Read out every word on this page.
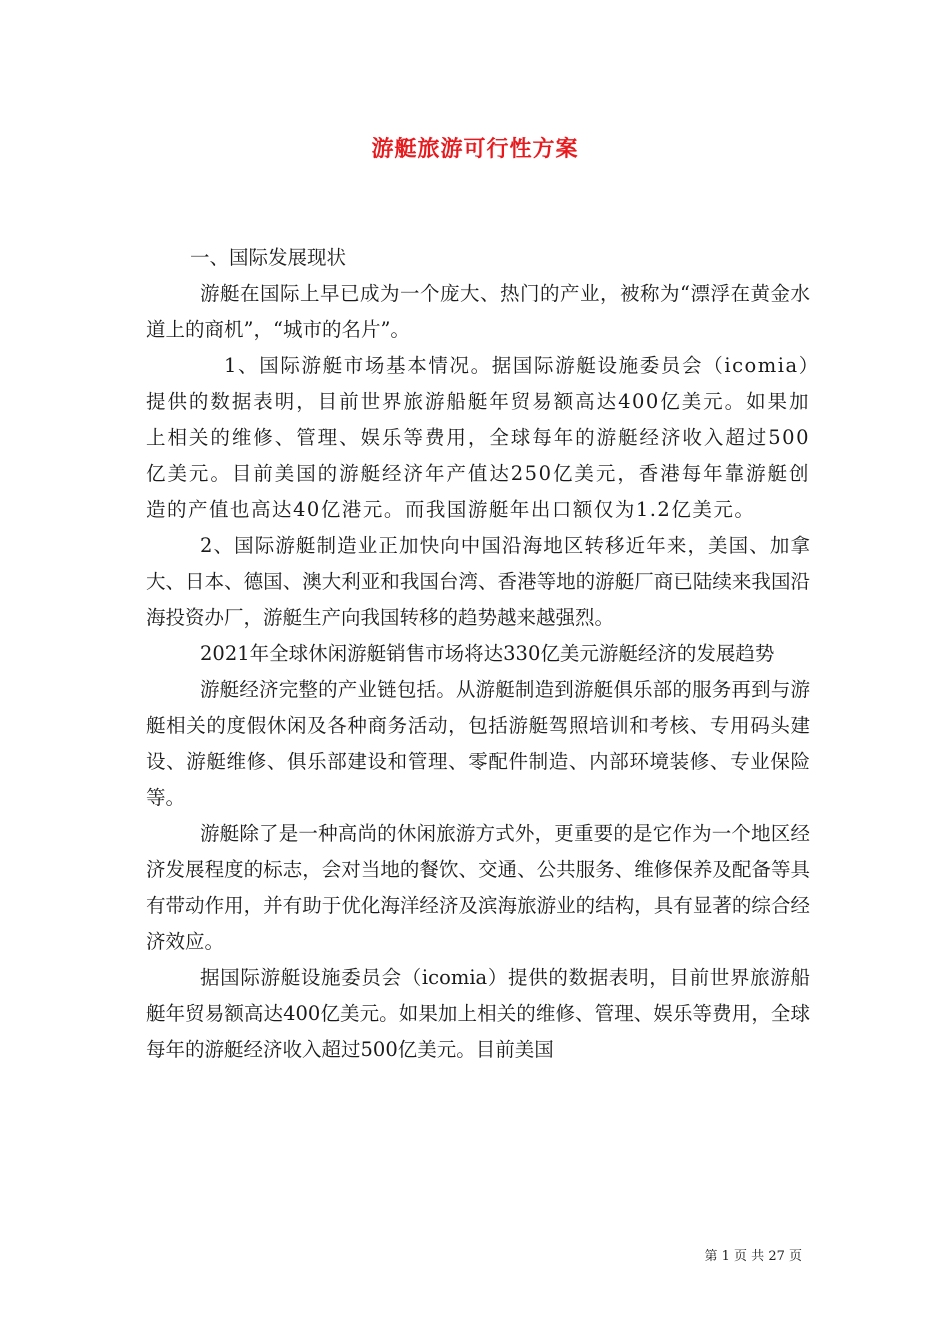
游艇旅游可行性方案

一、国际发展现状

游艇在国际上早已成为一个庞大、热门的产业，被称为“漂浮在黄金水道上的商机”，“城市的名片”。

1、国际游艇市场基本情况。据国际游艇设施委员会（icomia）提供的数据表明，目前世界旅游船艇年贸易额高达400亿美元。如果加上相关的维修、管理、娱乐等费用，全球每年的游艇经济收入超过500亿美元。目前美国的游艇经济年产值达250亿美元，香港每年靠游艇创造的产值也高达40亿港元。而我国游艇年出口额仅为1.2亿美元。

2、国际游艇制造业正加快向中国沿海地区转移近年来，美国、加拿大、日本、德国、澳大利亚和我国台湾、香港等地的游艇厂商已陆续来我国沿海投资办厂，游艇生产向我国转移的趋势越来越强烈。

2021年全球休闲游艇销售市场将达330亿美元游艇经济的发展趋势

游艇经济完整的产业链包括。从游艇制造到游艇俱乐部的服务再到与游艇相关的度假休闲及各种商务活动，包括游艇驾照培训和考核、专用码头建设、游艇维修、俱乐部建设和管理、零配件制造、内部环境装修、专业保险等。

游艇除了是一种高尚的休闲旅游方式外，更重要的是它作为一个地区经济发展程度的标志，会对当地的餐饮、交通、公共服务、维修保养及配备等具有带动作用，并有助于优化海洋经济及滨海旅游业的结构，具有显著的综合经济效应。

据国际游艇设施委员会（icomia）提供的数据表明，目前世界旅游船艇年贸易额高达400亿美元。如果加上相关的维修、管理、娱乐等费用，全球每年的游艇经济收入超过500亿美元。目前美国

第 1 页 共 27 页
